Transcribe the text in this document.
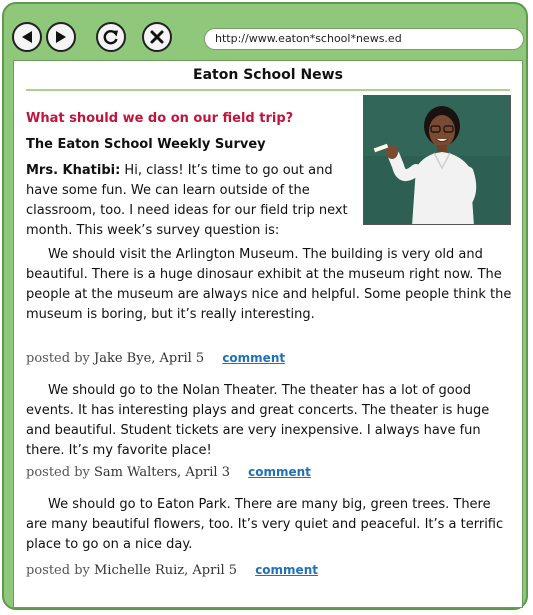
http://www.eaton*school*news.ed
Eaton School News
What should we do on our field trip?
The Eaton School Weekly Survey

Mrs. Khatibi: Hi, class! It’s time to go out and have some fun. We can learn outside of the classroom, too. I need ideas for our field trip next month. This week’s survey question is:

We should visit the Arlington Museum. The building is very old and beautiful. There is a huge dinosaur exhibit at the museum right now. The people at the museum are always nice and helpful. Some people think the museum is boring, but it’s really interesting.

posted by Jake Bye, April 5 comment

We should go to the Nolan Theater. The theater has a lot of good events. It has interesting plays and great concerts. The theater is huge and beautiful. Student tickets are very inexpensive. I always have fun there. It’s my favorite place!

posted by Sam Walters, April 3 comment

We should go to Eaton Park. There are many big, green trees. There are many beautiful flowers, too. It’s very quiet and peaceful. It’s a terrific place to go on a nice day.

posted by Michelle Ruiz, April 5 comment
